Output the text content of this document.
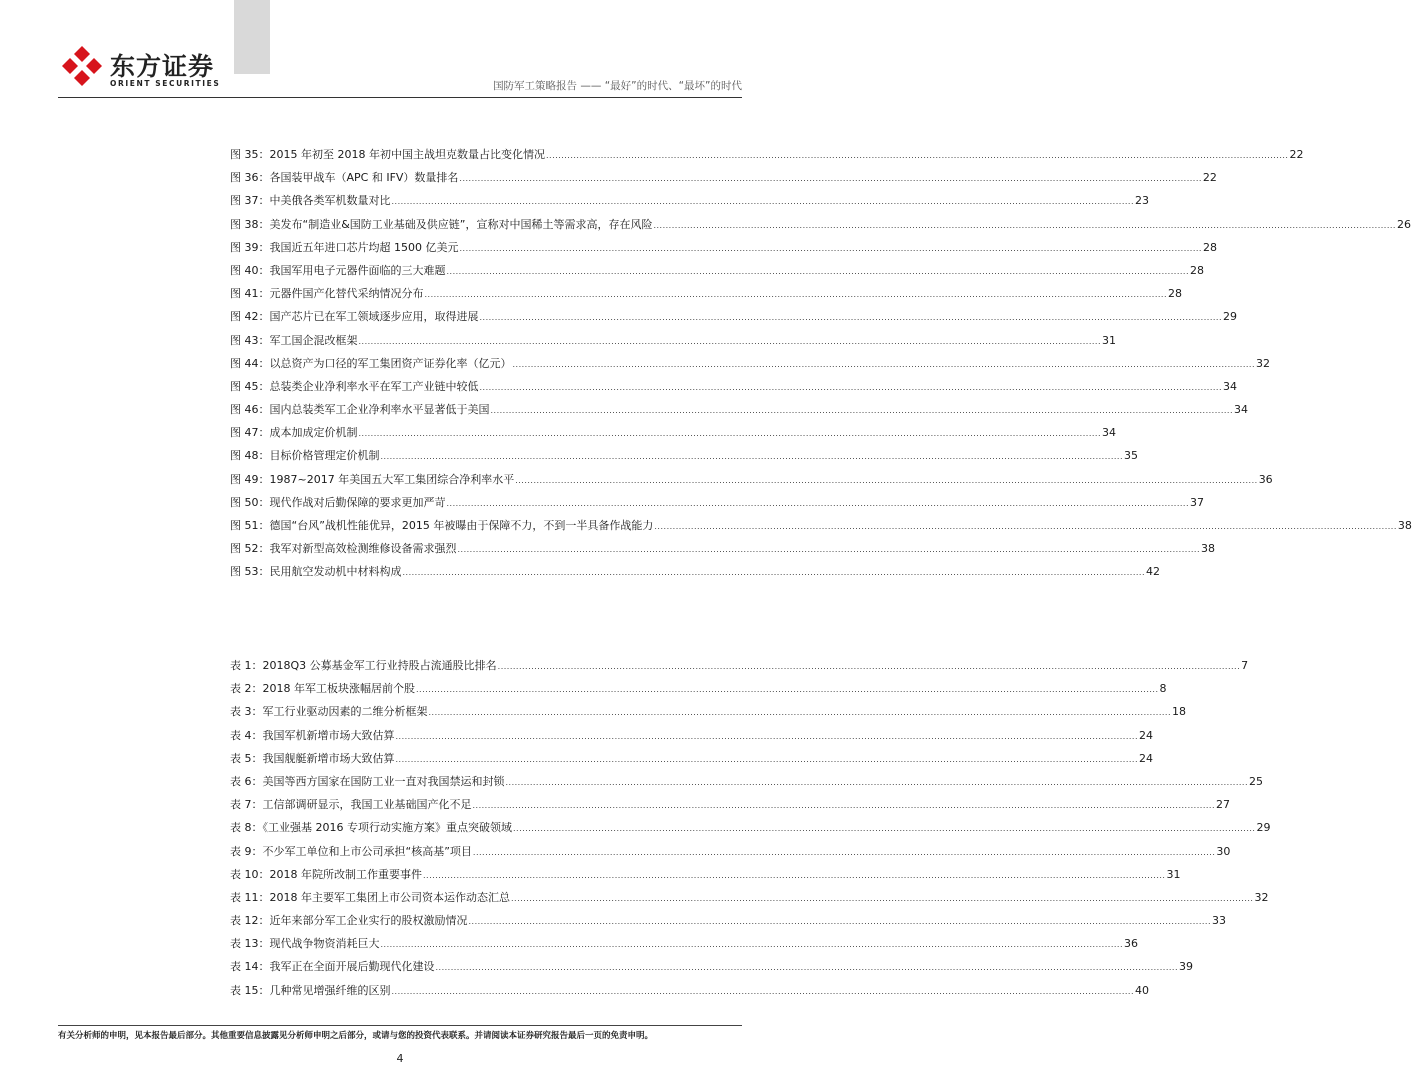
东方证券
ORIENT SECURITIES	国防军工策略报告 —— “最好”的时代、“最坏”的时代
图 35：2015 年初至 2018 年初中国主战坦克数量占比变化情况 .....	22
图 36：各国装甲战车（APC 和 IFV）数量排名 .....	22
图 37：中美俄各类军机数量对比 .....	23
图 38：美发布“制造业&国防工业基础及供应链”，宣称对中国稀土等需求高，存在风险 .....	26
图 39：我国近五年进口芯片均超 1500 亿美元 .....	28
图 40：我国军用电子元器件面临的三大难题 .....	28
图 41：元器件国产化替代采纳情况分布 .....	28
图 42：国产芯片已在军工领域逐步应用，取得进展 .....	29
图 43：军工国企混改框架 .....	31
图 44：以总资产为口径的军工集团资产证券化率（亿元） .....	32
图 45：总装类企业净利率水平在军工产业链中较低 .....	34
图 46：国内总装类军工企业净利率水平显著低于美国 .....	34
图 47：成本加成定价机制 .....	34
图 48：目标价格管理定价机制 .....	35
图 49：1987~2017 年美国五大军工集团综合净利率水平 .....	36
图 50：现代作战对后勤保障的要求更加严苛 .....	37
图 51：德国“台风”战机性能优异，2015 年被曝由于保障不力，不到一半具备作战能力 .....	38
图 52：我军对新型高效检测维修设备需求强烈 .....	38
图 53：民用航空发动机中材料构成 .....	42
表 1：2018Q3 公募基金军工行业持股占流通股比排名 .....	7
表 2：2018 年军工板块涨幅居前个股 .....	8
表 3：军工行业驱动因素的二维分析框架 .....	18
表 4：我国军机新增市场大致估算 .....	24
表 5：我国舰艇新增市场大致估算 .....	24
表 6：美国等西方国家在国防工业一直对我国禁运和封锁 .....	25
表 7：工信部调研显示，我国工业基础国产化不足 .....	27
表 8：《工业强基 2016 专项行动实施方案》重点突破领域 .....	29
表 9：不少军工单位和上市公司承担“核高基”项目 .....	30
表 10：2018 年院所改制工作重要事件 .....	31
表 11：2018 年主要军工集团上市公司资本运作动态汇总 .....	32
表 12：近年来部分军工企业实行的股权激励情况 .....	33
表 13：现代战争物资消耗巨大 .....	36
表 14：我军正在全面开展后勤现代化建设 .....	39
表 15：几种常见增强纤维的区别 .....	40
有关分析师的申明，见本报告最后部分。其他重要信息披露见分析师申明之后部分，或请与您的投资代表联系。并请阅读本证券研究报告最后一页的免责申明。
4
